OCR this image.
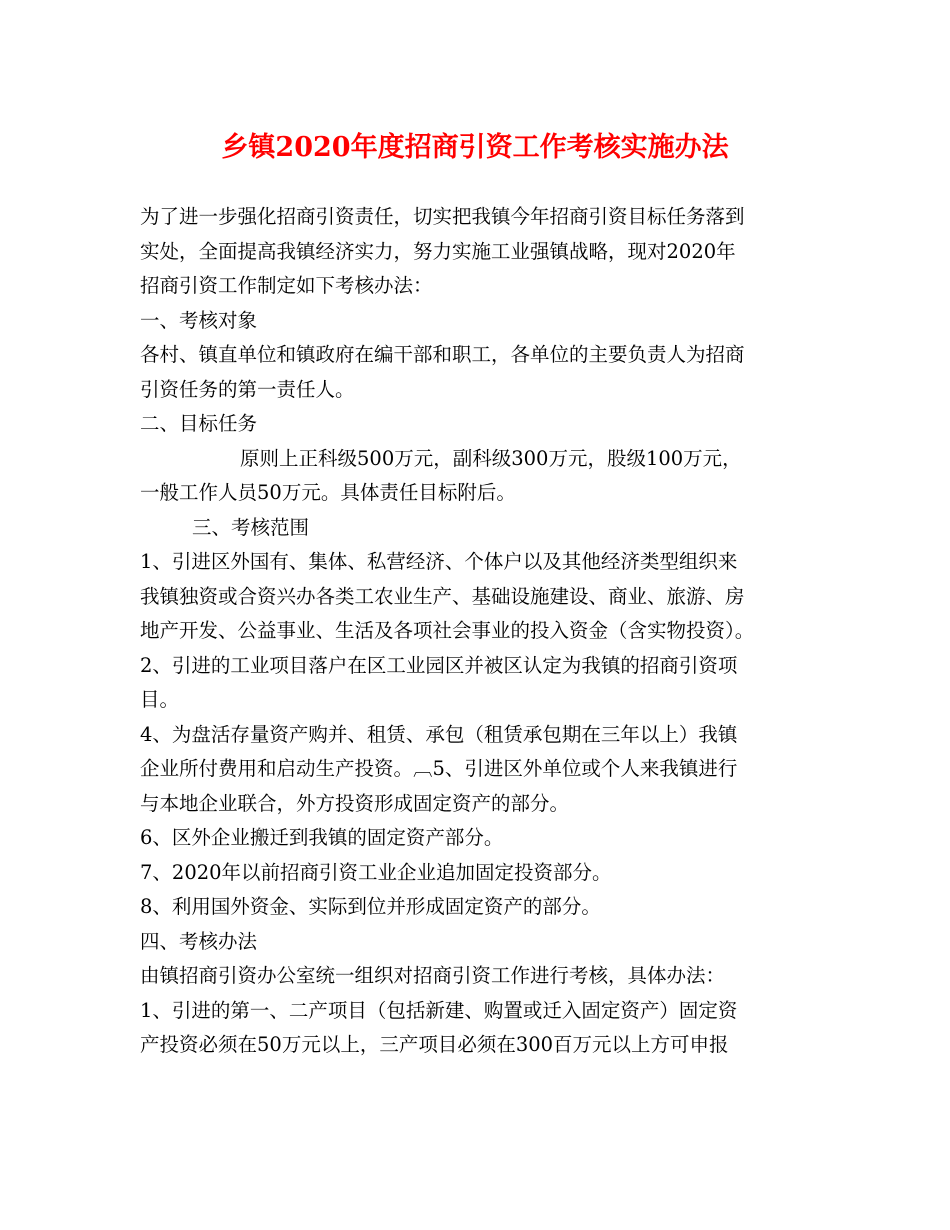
乡镇2020年度招商引资工作考核实施办法
为了进一步强化招商引资责任，切实把我镇今年招商引资目标任务落到
实处，全面提高我镇经济实力，努力实施工业强镇战略，现对2020年
招商引资工作制定如下考核办法：
一、考核对象
各村、镇直单位和镇政府在编干部和职工，各单位的主要负责人为招商
引资任务的第一责任人。
二、目标任务
原则上正科级500万元，副科级300万元，股级100万元，
一般工作人员50万元。具体责任目标附后。
三、考核范围
1、引进区外国有、集体、私营经济、个体户以及其他经济类型组织来
我镇独资或合资兴办各类工农业生产、基础设施建设、商业、旅游、房
地产开发、公益事业、生活及各项社会事业的投入资金（含实物投资）。
2、引进的工业项目落户在区工业园区并被区认定为我镇的招商引资项
目。
4、为盘活存量资产购并、租赁、承包（租赁承包期在三年以上）我镇
企业所付费用和启动生产投资。︹5、引进区外单位或个人来我镇进行
与本地企业联合，外方投资形成固定资产的部分。
6、区外企业搬迁到我镇的固定资产部分。
7、2020年以前招商引资工业企业追加固定投资部分。
8、利用国外资金、实际到位并形成固定资产的部分。
四、考核办法
由镇招商引资办公室统一组织对招商引资工作进行考核，具体办法：
1、引进的第一、二产项目（包括新建、购置或迁入固定资产）固定资
产投资必须在50万元以上，三产项目必须在300百万元以上方可申报
